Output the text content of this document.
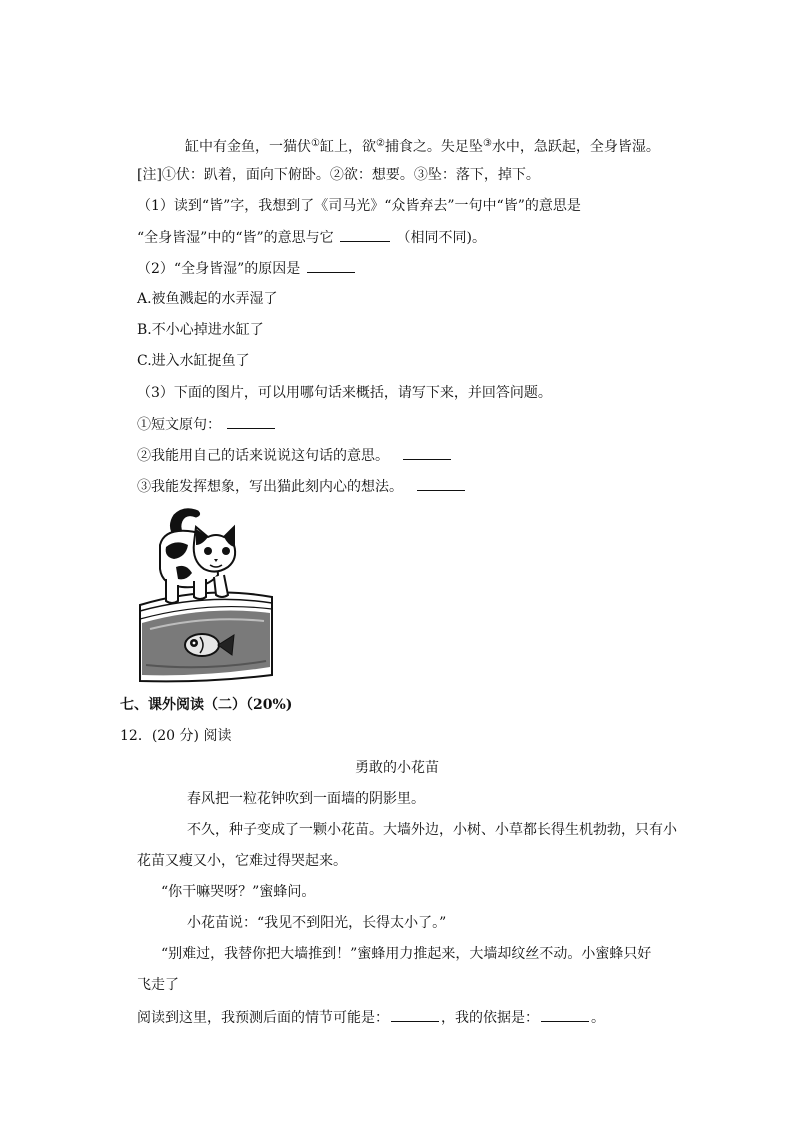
缸中有金鱼，一猫伏①缸上，欲②捕食之。失足坠③水中，急跃起，全身皆湿。
[注]①伏：趴着，面向下俯卧。②欲：想要。③坠：落下，掉下。
（1）读到“皆”字，我想到了《司马光》“众皆弃去”一句中“皆”的意思是
“全身皆湿”中的“皆”的意思与它	（相同不同)。
（2）“全身皆湿”的原因是
A.被鱼溅起的水弄湿了
B.不小心掉进水缸了
C.进入水缸捉鱼了
（3）下面的图片，可以用哪句话来概括，请写下来，并回答问题。
①短文原句：
②我能用自己的话来说说这句话的意思。
③我能发挥想象，写出猫此刻内心的想法。
七、课外阅读（二）（20%)
12．(20 分) 阅读
勇敢的小花苗
春风把一粒花钟吹到一面墙的阴影里。
不久，种子变成了一颗小花苗。大墙外边，小树、小草都长得生机勃勃，只有小
花苗又瘦又小，它难过得哭起来。
“你干嘛哭呀？”蜜蜂问。
小花苗说：“我见不到阳光，长得太小了。”
“别难过，我替你把大墙推到！”蜜蜂用力推起来，大墙却纹丝不动。小蜜蜂只好
飞走了
阅读到这里，我预测后面的情节可能是：	，我的依据是：	。
